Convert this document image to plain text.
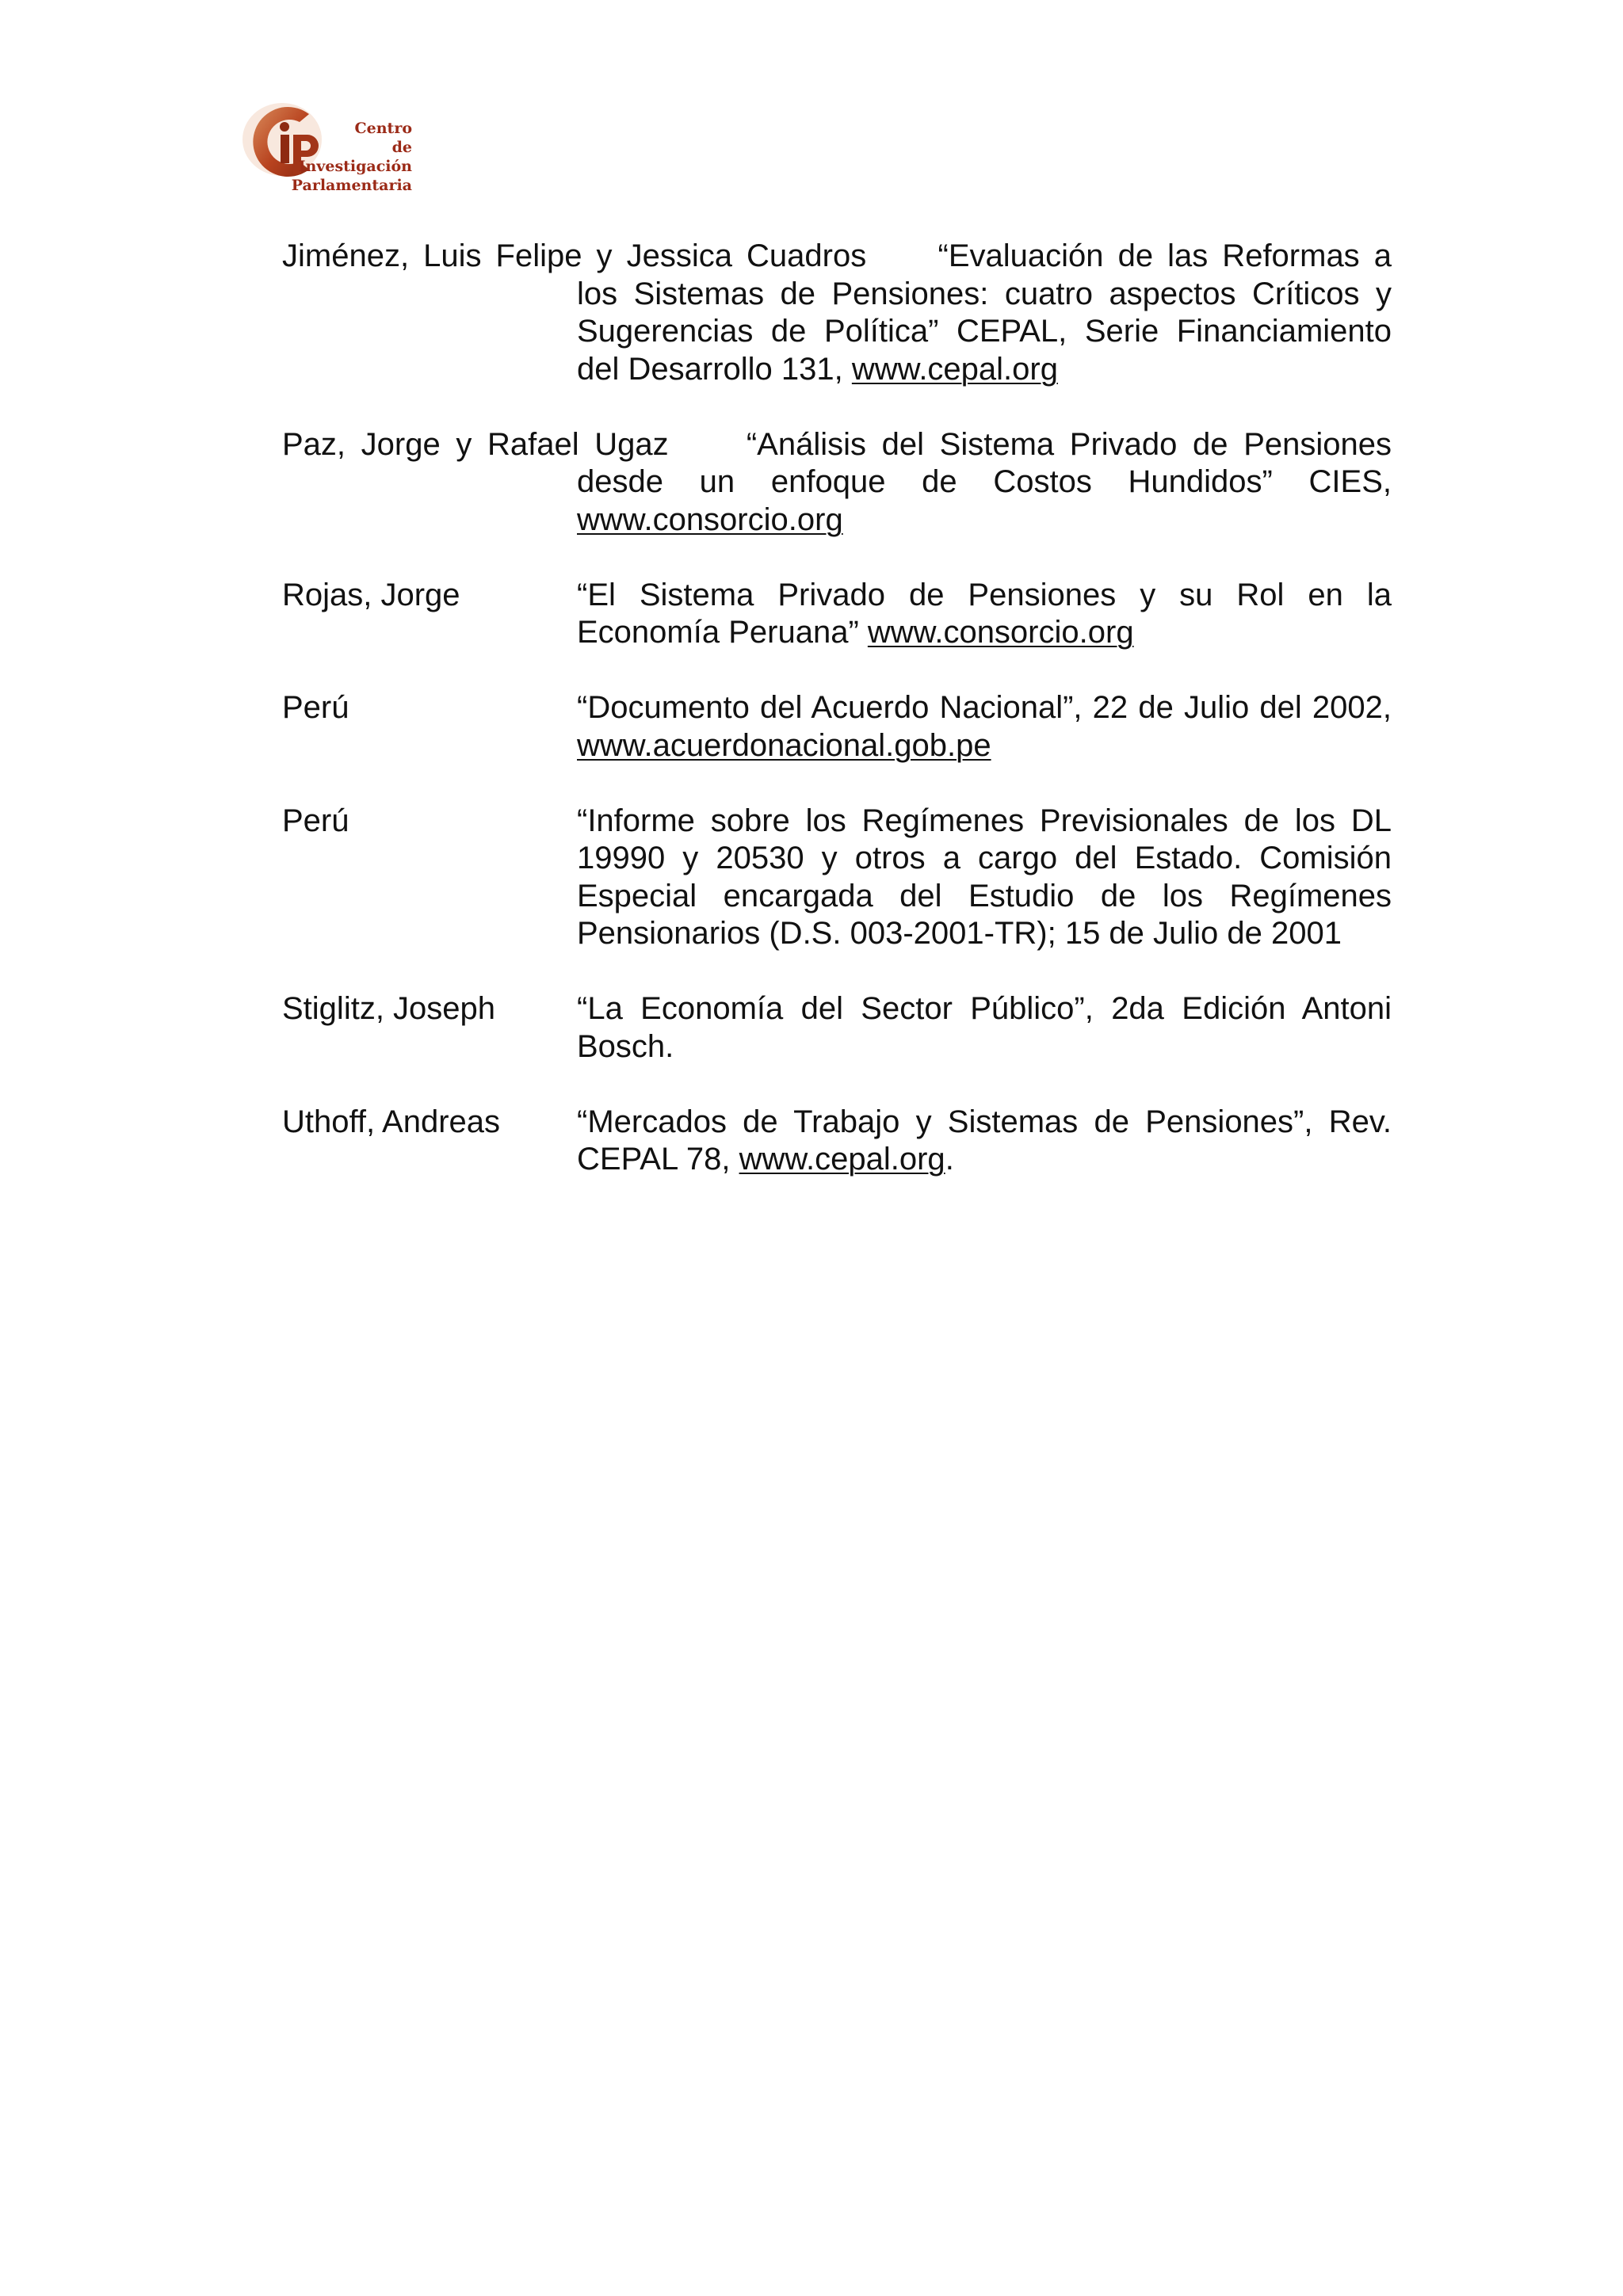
Centro
de
Investigación
Parlamentaria
Jiménez, Luis Felipe y Jessica Cuadros “Evaluación de las Reformas a
los Sistemas de Pensiones: cuatro aspectos Críticos y Sugerencias de Política” CEPAL, Serie Financiamiento del Desarrollo 131, www.cepal.org
Paz, Jorge y Rafael Ugaz “Análisis del Sistema Privado de Pensiones
desde un enfoque de Costos Hundidos” CIES, www.consorcio.org
Rojas, Jorge	“El Sistema Privado de Pensiones y su Rol en la Economía Peruana” www.consorcio.org
Perú	“Documento del Acuerdo Nacional”, 22 de Julio del 2002, www.acuerdonacional.gob.pe
Perú	“Informe sobre los Regímenes Previsionales de los DL 19990 y 20530 y otros a cargo del Estado. Comisión Especial encargada del Estudio de los Regímenes Pensionarios (D.S. 003-2001-TR); 15 de Julio de 2001
Stiglitz, Joseph	“La Economía del Sector Público”, 2da Edición Antoni Bosch.
Uthoff, Andreas “Mercados de Trabajo y Sistemas de Pensiones”, Rev. CEPAL 78, www.cepal.org.
